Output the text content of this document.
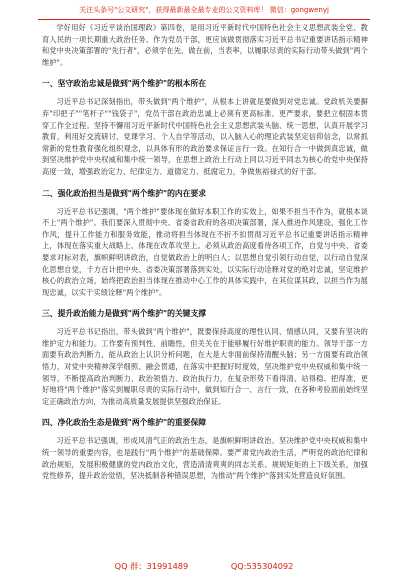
关注头条号"公文研究"，获得最新最全最专业的公文资料库！ 微信：gongwenyj

学好用好《习近平谈治国理政》第四卷，是用习近平新时代中国特色社会主义思想武装全党、教育人民的一项长期重大政治任务。作为党员干部，更应该做贯彻落实习近平总书记重要讲话指示精神和党中央决策部署的"先行者"，必须学在先、做在前，当表率，以履职尽责的实际行动带头做到"两个维护"。

一、坚守政治忠诚是做到"两个维护"的根本所在

习近平总书记深刻指出，带头做到"两个维护"，从根本上讲就是要做到对党忠诚。党政机关要摒弃"印把子""笔杆子""钱袋子"，党员干部在政治忠诚上必须有更高标准、更严要求，要把立根固本贯穿工作全过程。坚持不懈用习近平新时代中国特色社会主义思想武装头脑、统一思想，认真开展学习教育，利用好交流研讨、党课学习、个人自学等活动，以入脑入心的理论武装坚定信仰信念，以常抓常新的党性教育强化组织观念，以具体有形的政治要求保证言行一致。在知行合一中做到真忠诚，做到坚决维护党中央权威和集中统一领导，在思想上政治上行动上同以习近平同志为核心的党中央保持高度一致，增强政治定力、纪律定力、道德定力、抵腐定力，争做焦裕禄式的好干部。

二、强化政治担当是做到"两个维护"的内在要求

习近平总书记强调，"两个维护"要体现在做好本职工作的实效上，如果不担当不作为，就根本谈不上"两个维护"。我们要深入贯彻中央、省委省政府的各项决策部署，深入推进作风建设，强化工作作风，提升工作能力和服务效能，推动将担当体现在不折不扣贯彻习近平总书记重要讲话指示精神上，体现在落实重大战略上、体现在改革攻坚上。必须从政治高度看待各项工作，自觉与中央、省委要求对标对表，旗帜鲜明讲政治，自觉做政治上的明白人；以思想自觉引领行动自觉，以行动自觉深化思想自觉，千方百计把中央、省委决策部署落到实处，以实际行动诠释对党的绝对忠诚，坚定维护核心的政治立场，始终把政治担当体现在推动中心工作的具体实践中，在其位谋其政，以担当作为展现忠诚，以实干实绩诠释"两个维护"。

三、提升政治能力是做到"两个维护"的关键支撑

习近平总书记指出，带头做到"两个维护"，既要保持高度的理性认同、情感认同，又要有坚决的维护定力和能力。工作要有预判性、前瞻性，但关关在于能够履行好维护职责的能力。领导干部一方面要有政治判断力，能从政治上认识分析问题，在大是大非面前保持清醒头脑；另一方面要有政治领悟力，对党中央精神深学细照、融会贯通，在落实中把握好时度效，坚决维护党中央权威和集中统一领导，不断提高政治判断力、政治领悟力、政治执行力，在复杂形势下看得清、站得稳、把得准，更好地将"两个维护"落实到履职尽责的实际行动中，做到知行合一、言行一致，在各种考验面前始终坚定正确政治方向，为推动高质量发展提供坚强政治保证。

四、净化政治生态是做到"两个维护"的重要保障

习近平总书记强调，形成风清气正的政治生态，是旗帜鲜明讲政治、坚决维护党中央权威和集中统一领导的重要内容，也是践行"两个维护"的基础保障。要严肃党内政治生活，严明党的政治纪律和政治规矩，发展积极健康的党内政治文化，营造清清爽爽的同志关系、规规矩矩的上下级关系，加强党性修养，提升政治觉悟，坚决抵制各种错误思想，为推动"两个维护"落到实处营造良好氛围。

QQ 群：31991489	QQ:535304092
